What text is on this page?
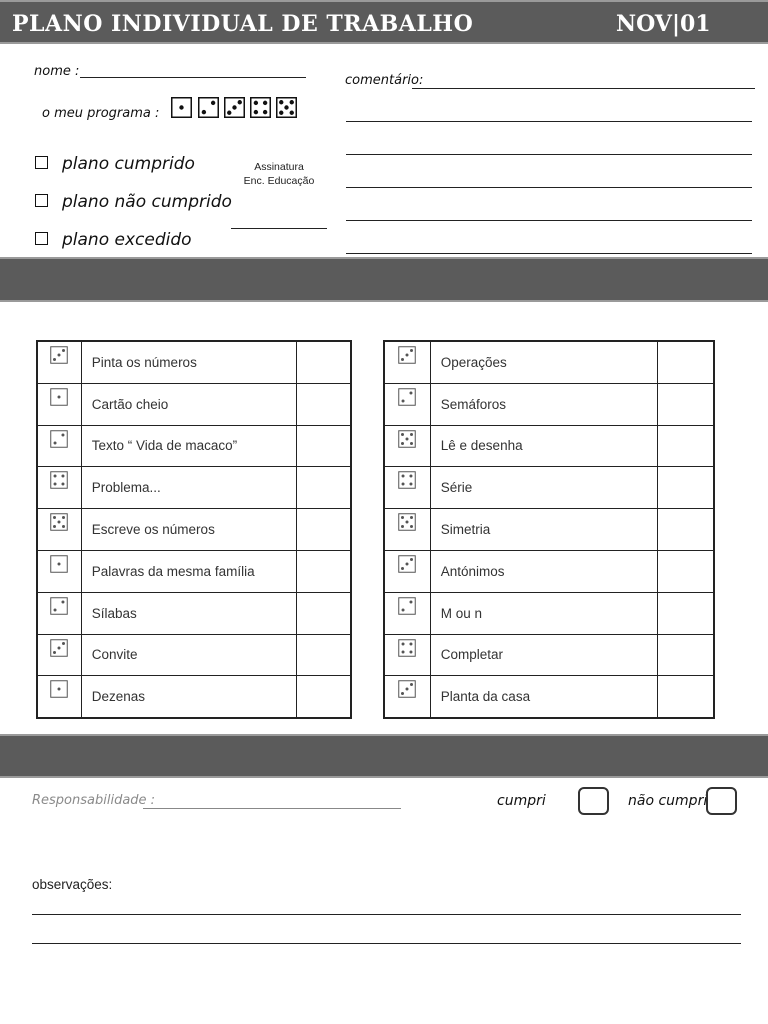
PLANO INDIVIDUAL DE TRABALHO	NOV|01
nome :
o meu programa :
plano cumprido
plano não cumprido
plano excedido
Assinatura
Enc. Educação
comentário:
	Pinta os números	
	Cartão cheio	
	Texto “ Vida de macaco”	
	Problema...	
	Escreve os números	
	Palavras da mesma família	
	Sílabas	
	Convite	
	Dezenas	
	Operações	
	Semáforos	
	Lê e desenha	
	Série	
	Simetria	
	Antónimos	
	M ou n	
	Completar	
	Planta da casa	
Responsabilidade :	cumpri	não cumpri
observações:
